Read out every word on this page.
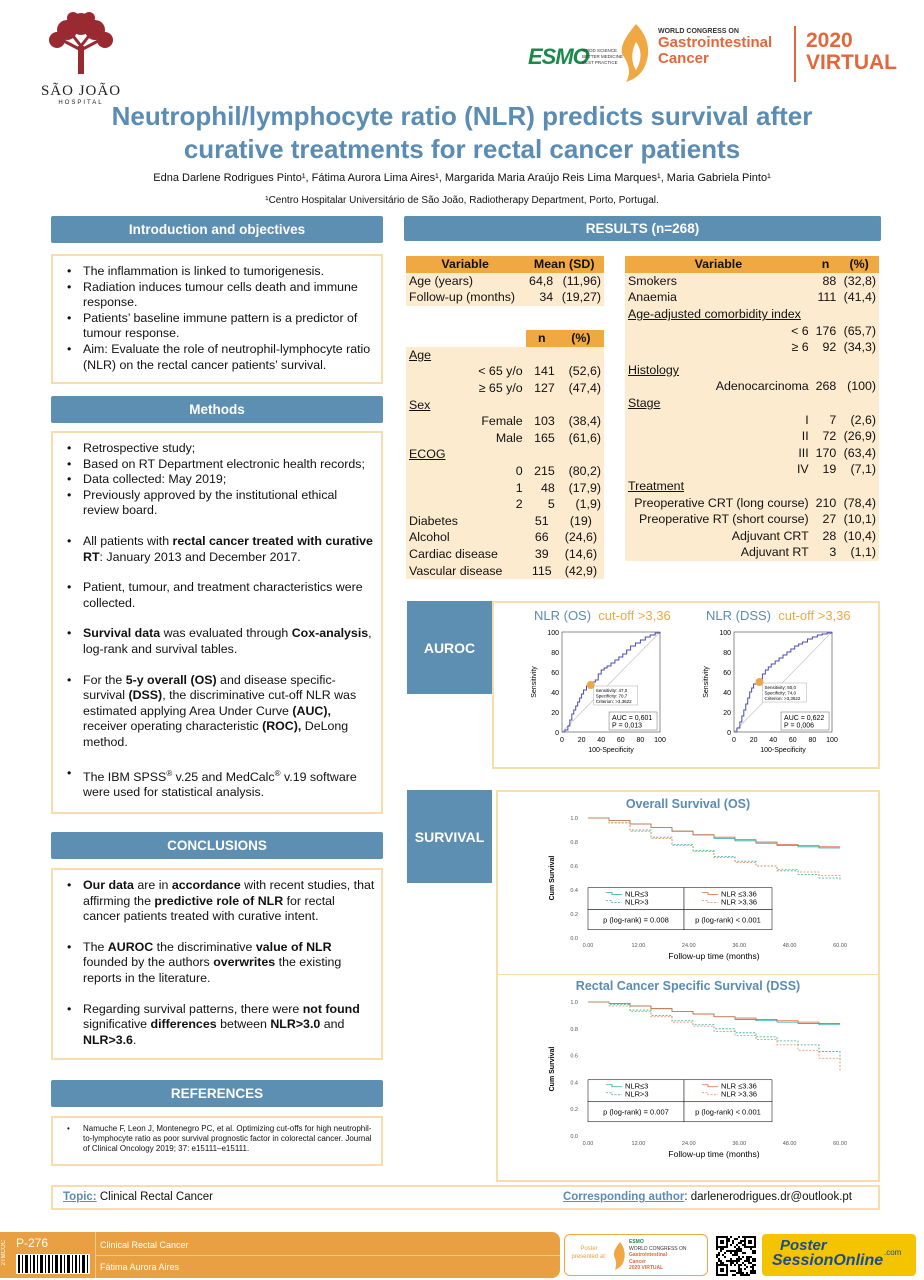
SÃO JOÃO
HOSPITAL
ESMO
GOOD SCIENCE
BETTER MEDICINE
BEST PRACTICE
WORLD CONGRESS ON
Gastrointestinal
Cancer
2020
VIRTUAL
Neutrophil/lymphocyte ratio (NLR) predicts survival after
curative treatments for rectal cancer patients
Edna Darlene Rodrigues Pinto¹, Fátima Aurora Lima Aires¹, Margarida Maria Araújo Reis Lima Marques¹, Maria Gabriela Pinto¹
¹Centro Hospitalar Universitário de São João, Radiotherapy Department, Porto, Portugal.
Introduction and objectives
• The inflammation is linked to tumorigenesis.
• Radiation induces tumour cells death and immune response.
• Patients’ baseline immune pattern is a predictor of tumour response.
• Aim: Evaluate the role of neutrophil-lymphocyte ratio (NLR) on the rectal cancer patients’ survival.
Methods
• Retrospective study;
• Based on RT Department electronic health records;
• Data collected: May 2019;
• Previously approved by the institutional ethical review board.
• All patients with rectal cancer treated with curative RT: January 2013 and December 2017.
• Patient, tumour, and treatment characteristics were collected.
• Survival data was evaluated through Cox-analysis, log-rank and survival tables.
• For the 5-y overall (OS) and disease specific-survival (DSS), the discriminative cut-off NLR was estimated applying Area Under Curve (AUC), receiver operating characteristic (ROC), DeLong method.
• The IBM SPSS® v.25 and MedCalc® v.19 software were used for statistical analysis.
CONCLUSIONS
• Our data are in accordance with recent studies, that affirming the predictive role of NLR for rectal cancer patients treated with curative intent.
• The AUROC the discriminative value of NLR founded by the authors overwrites the existing reports in the literature.
• Regarding survival patterns, there were not found significative differences between NLR>3.0 and NLR>3.6.
REFERENCES
• Namuche F, Leon J, Montenegro PC, et al. Optimizing cut-offs for high neutrophil-to-lymphocyte ratio as poor survival prognostic factor in colorectal cancer. Journal of Clinical Oncology 2019; 37: e15111–e15111.
RESULTS (n=268)
Variable	Mean (SD)	
Age (years)	64,8	(11,96)
Follow-up (months)	34	(19,27)
	n	(%)
Age		
< 65 y/o	141	(52,6)
≥ 65 y/o	127	(47,4)
Sex		
Female	103	(38,4)
Male	165	(61,6)
ECOG		
0	215	(80,2)
1	48	(17,9)
2	5	(1,9)
Diabetes	51	(19)
Alcohol	66	(24,6)
Cardiac disease	39	(14,6)
Vascular disease	115	(42,9)
Variable	n	(%)
Smokers	88	(32,8)
Anaemia	111	(41,4)
Age-adjusted comorbidity index		
< 6	176	(65,7)
≥ 6	92	(34,3)

Histology		
Adenocarcinoma	268	(100)
Stage		
I	7	(2,6)
II	72	(26,9)
III	170	(63,4)
IV	19	(7,1)
Treatment		
Preoperative CRT (long course)	210	(78,4)
Preoperative RT (short course)	27	(10,1)
Adjuvant CRT	28	(10,4)
Adjuvant RT	3	(1,1)
AUROC
NLR (OS) cut-off >3,36	NLR (DSS) cut-off >3,36
0
0
20
20
40
40
60
60
80
80
100
100
Sensitivity
100-Specificity
Sensitivity: 47,0
Specificity: 70,7
Criterion: >3,3622
AUC = 0,601
P = 0,013
0
0
20
20
40
40
60
60
80
80
100
100
Sensitivity
100-Specificity
Sensitivity: 50,0
Specificity: 74,0
Criterion: >3,3622
AUC = 0,622
P = 0,006
SURVIVAL
Overall Survival (OS)
Rectal Cancer Specific Survival (DSS)
0.0
0.2
0.4
0.6
0.8
1.0
0.00	12.00	24.00	36.00	48.00	60.00
Cum Survival
Follow-up time (months)
NLR≤3
NLR>3
NLR ≤3.36
NLR >3.36
p (log-rank) = 0.008	p (log-rank) < 0.001
0.0
0.2
0.4
0.6
0.8
1.0
0.00	12.00	24.00	36.00	48.00	60.00
Cum Survival
Follow-up time (months)
NLR≤3
NLR>3
NLR ≤3.36
NLR >3.36
p (log-rank) = 0.007	p (log-rank) < 0.001
Topic: Clinical Rectal Cancer	Corresponding author: darlenerodrigues.dr@outlook.pt
P-276
2TMCOC	Clinical Rectal Cancer
Fátima Aurora Aires
Poster
presented at:
ESMO
WORLD CONGRESS ON
Gastrointestinal
Cancer
2020 VIRTUAL
Poster
SessionOnline .com
